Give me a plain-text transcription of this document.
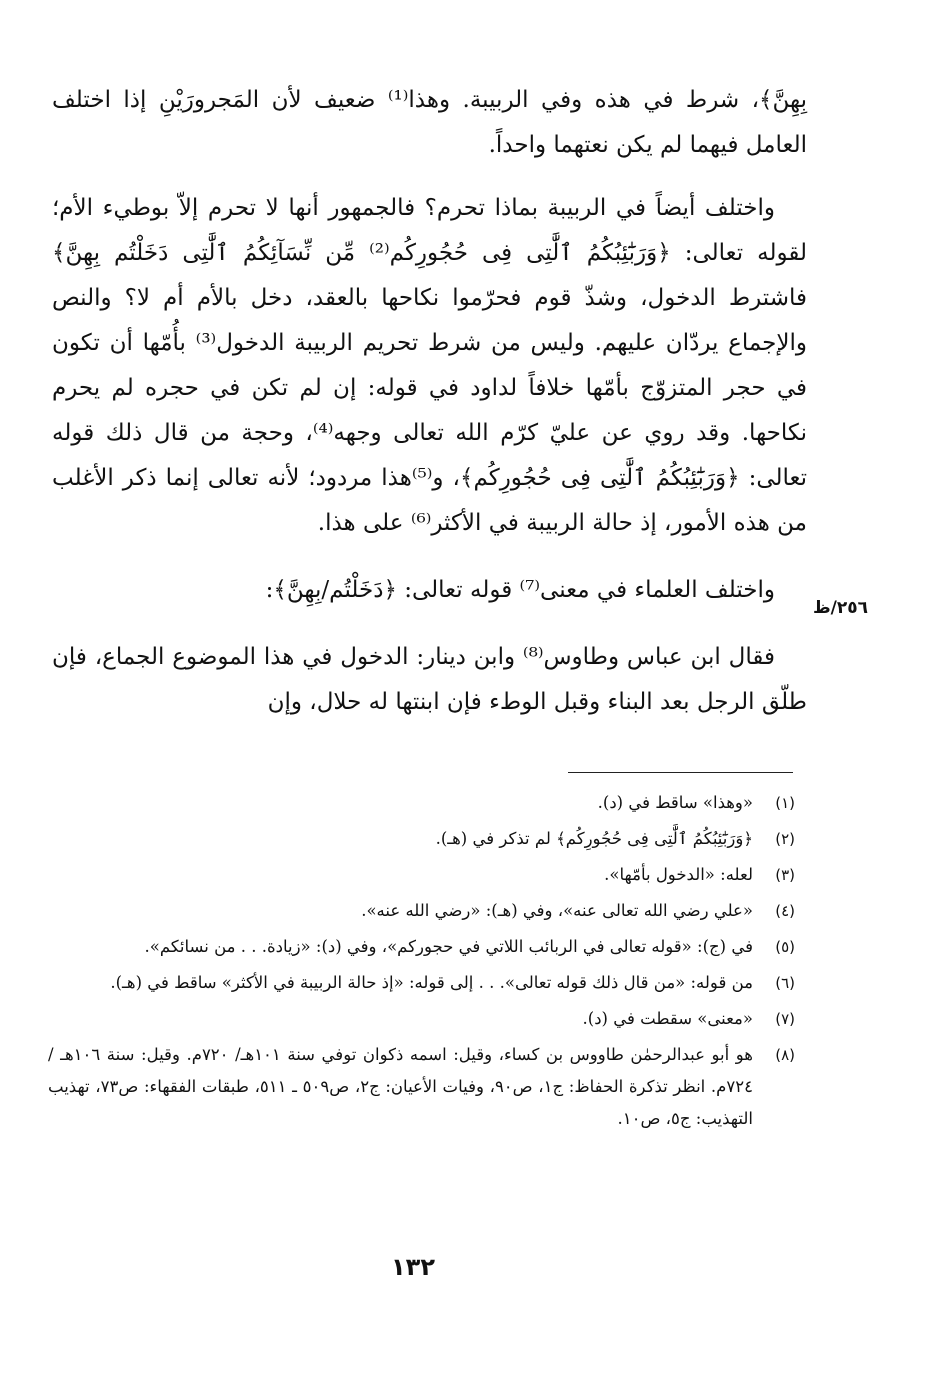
بِهِنَّ﴾، شرط في هذه وفي الربيبة. وهذا⁽¹⁾ ضعيف لأن المَجرورَيْنِ إذا اختلف العامل فيهما لم يكن نعتهما واحداً.

واختلف أيضاً في الربيبة بماذا تحرم؟ فالجمهور أنها لا تحرم إلاّ بوطيء الأم؛ لقوله تعالى: ﴿وَرَبَٰٓئِبُكُمُ ٱلَّٰتِى فِى حُجُورِكُم⁽²⁾ مِّن نِّسَآئِكُمُ ٱلَّٰتِى دَخَلْتُم بِهِنَّ﴾ فاشترط الدخول، وشذّ قوم فحرّموا نكاحها بالعقد، دخل بالأم أم لا؟ والنص والإجماع يردّان عليهم. وليس من شرط تحريم الربيبة الدخول⁽³⁾ بأُمّها أن تكون في حجر المتزوّج بأمّها خلافاً لداود في قوله: إن لم تكن في حجره لم يحرم نكاحها. وقد روي عن عليّ كرّم الله تعالى وجهه⁽⁴⁾، وحجة من قال ذلك قوله تعالى: ﴿وَرَبَٰٓئِبُكُمُ ٱلَّٰتِى فِى حُجُورِكُم﴾، و⁽⁵⁾هذا مردود؛ لأنه تعالى إنما ذكر الأغلب من هذه الأمور، إذ حالة الربيبة في الأكثر⁽⁶⁾ على هذا.

واختلف العلماء في معنى⁽⁷⁾ قوله تعالى: ﴿دَخَلْتُم/بِهِنَّ﴾:

فقال ابن عباس وطاوس⁽⁸⁾ وابن دينار: الدخول في هذا الموضوع الجماع، فإن طلّق الرجل بعد البناء وقبل الوطء فإن ابنتها له حلال، وإن

٢٥٦/ظ
(١)
«وهذا» ساقط في (د).
(٢)
﴿وَرَبَٰٓئِبُكُمُ ٱلَّٰتِى فِى حُجُورِكُم﴾ لم تذكر في (هـ).
(٣)
لعله: «الدخول بأمّها».
(٤)
«علي رضي الله تعالى عنه»، وفي (هـ): «رضي الله عنه».
(٥)
في (ج): «قوله تعالى في الربائب اللاتي في حجوركم»، وفي (د): «زيادة. . . من نسائكم».
(٦)
من قوله: «من قال ذلك قوله تعالى». . . إلى قوله: «إذ حالة الربيبة في الأكثر» ساقط في (هـ).
(٧)
«معنى» سقطت في (د).
(٨)
هو أبو عبدالرحمٰن طاووس بن كساء، وقيل: اسمه ذكوان توفي سنة ١٠١هـ/ ٧٢٠م. وقيل: سنة ١٠٦هـ /٧٢٤م. انظر تذكرة الحفاظ: ج١، ص٩٠، وفيات الأعيان: ج٢، ص٥٠٩ ـ ٥١١، طبقات الفقهاء: ص٧٣، تهذيب التهذيب: ج٥، ص١٠.
١٣٢
